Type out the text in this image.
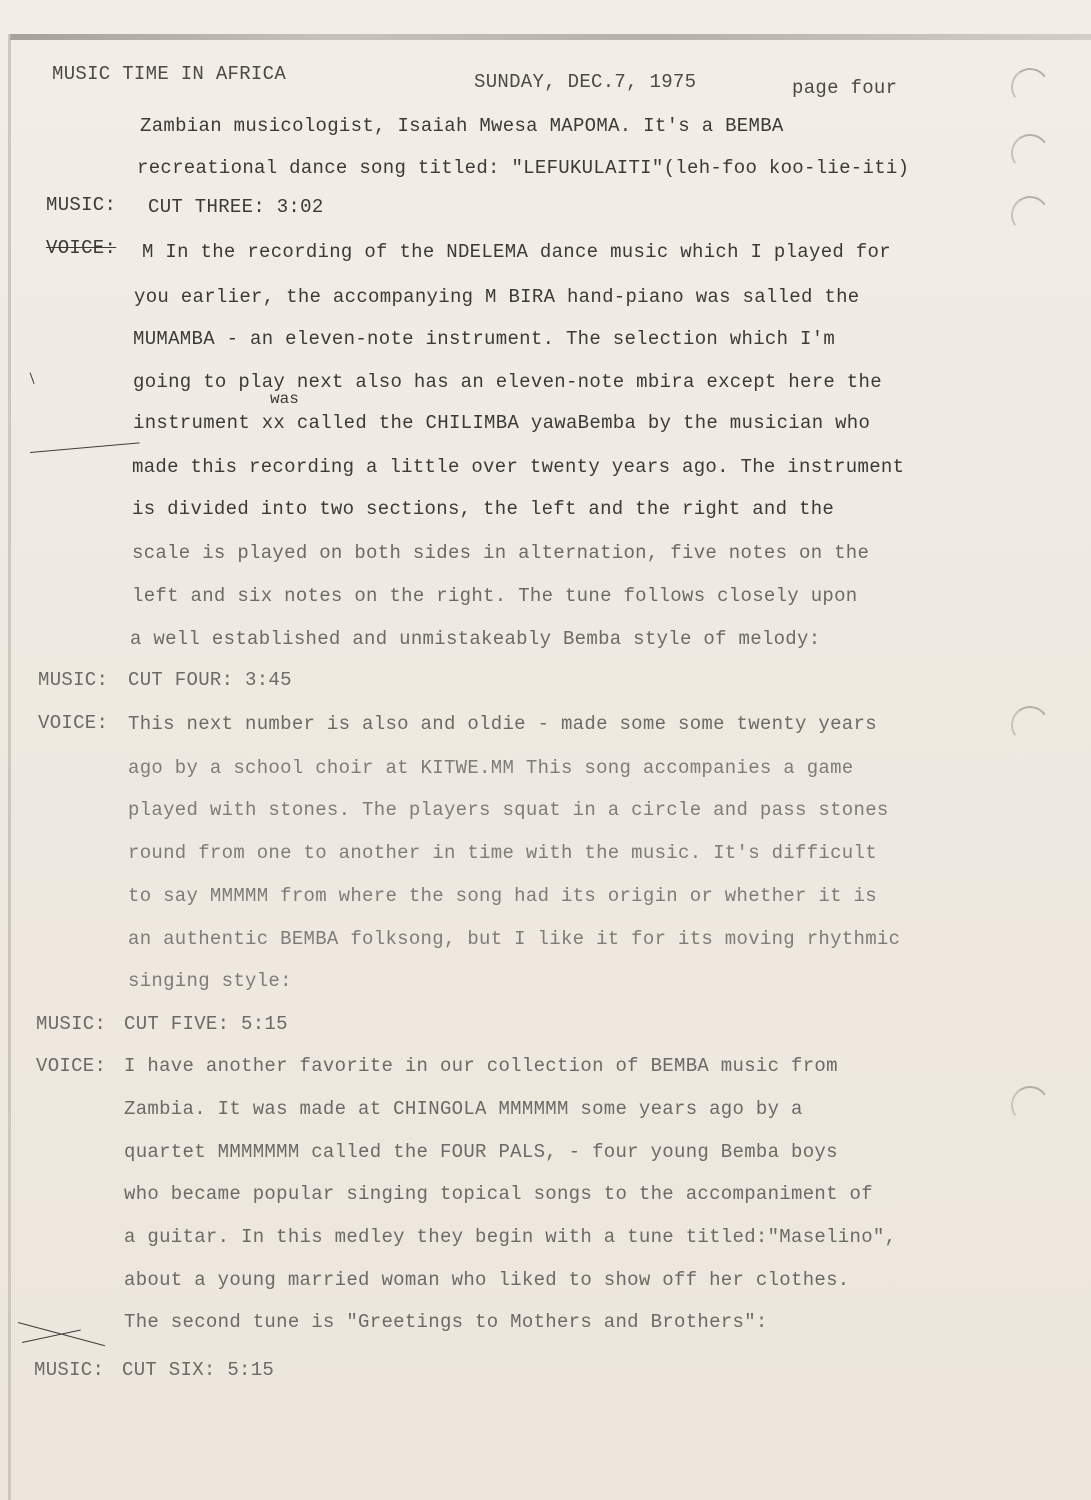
MUSIC TIME IN AFRICA	SUNDAY, DEC.7, 1975	page four
Zambian musicologist, Isaiah Mwesa MAPOMA. It's a BEMBA
recreational dance song titled: "LEFUKULAITI"(leh-foo koo-lie-iti)
MUSIC: CUT THREE: 3:02
VOICE: M In the recording of the NDELEMA dance music which I played for
you earlier, the accompanying M BIRA hand-piano was salled the
MUMAMBA - an eleven-note instrument. The selection which I'm
going to play next also has an eleven-note mbira except here the
was
instrument xx called the CHILIMBA yawaBemba by the musician who
made this recording a little over twenty years ago. The instrument
is divided into two sections, the left and the right and the
scale is played on both sides in alternation, five notes on the
left and six notes on the right. The tune follows closely upon
a well established and unmistakeably Bemba style of melody:
MUSIC: CUT FOUR: 3:45
VOICE: This next number is also and oldie - made some some twenty years
ago by a school choir at KITWE.MM This song accompanies a game
played with stones. The players squat in a circle and pass stones
round from one to another in time with the music. It's difficult
to say MMMMM from where the song had its origin or whether it is
an authentic BEMBA folksong, but I like it for its moving rhythmic
singing style:
MUSIC: CUT FIVE: 5:15
VOICE: I have another favorite in our collection of BEMBA music from
Zambia. It was made at CHINGOLA MMMMMM some years ago by a
quartet MMMMMMM called the FOUR PALS, - four young Bemba boys
who became popular singing topical songs to the accompaniment of
a guitar. In this medley they begin with a tune titled:"Maselino",
about a young married woman who liked to show off her clothes.
The second tune is "Greetings to Mothers and Brothers":
MUSIC: CUT SIX: 5:15
